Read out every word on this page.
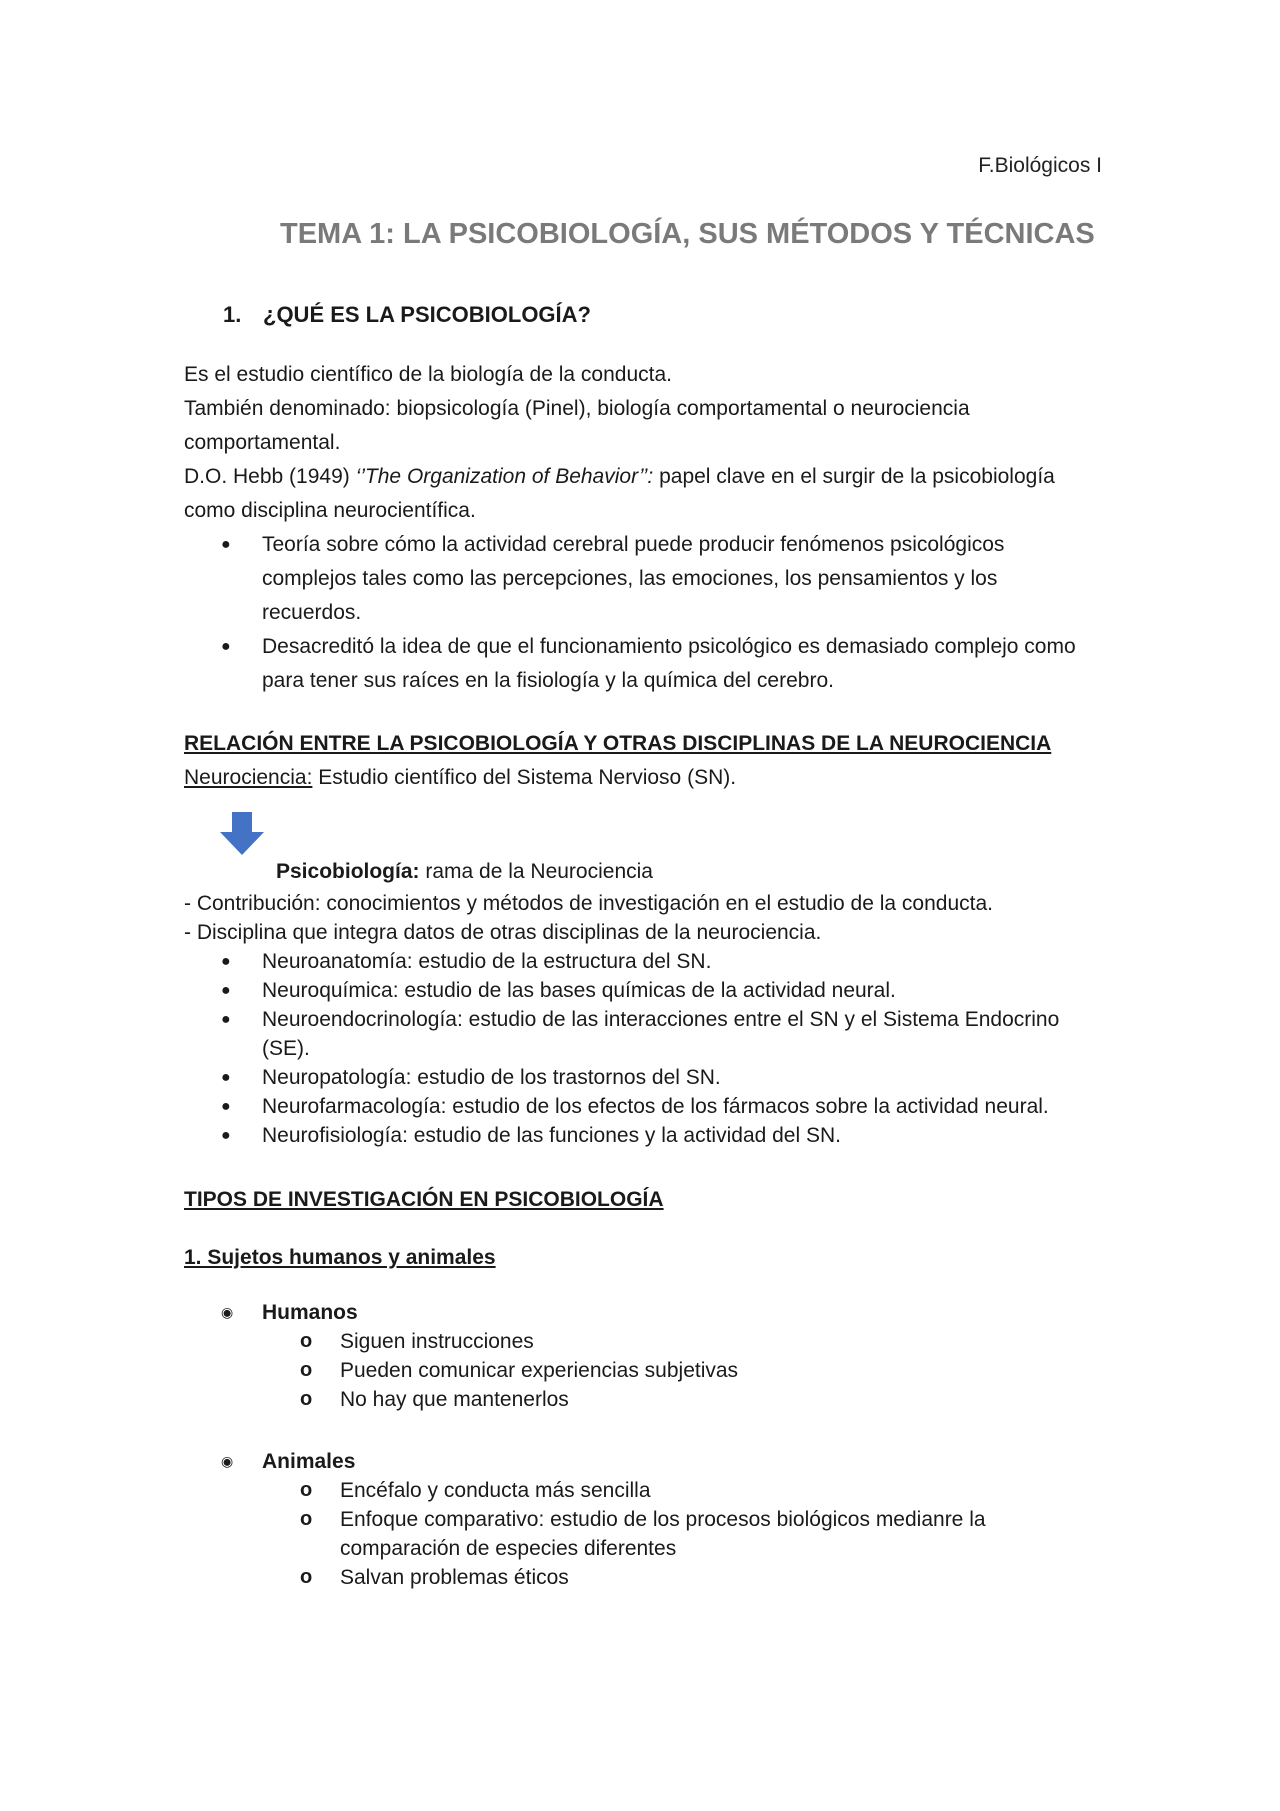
F.Biológicos I
TEMA 1: LA PSICOBIOLOGÍA, SUS MÉTODOS Y TÉCNICAS
1. ¿QUÉ ES LA PSICOBIOLOGÍA?

Es el estudio científico de la biología de la conducta.

También denominado: biopsicología (Pinel), biología comportamental o neurociencia comportamental.

D.O. Hebb (1949) ‘’The Organization of Behavior’’: papel clave en el surgir de la psicobiología como disciplina neurocientífica.

● Teoría sobre cómo la actividad cerebral puede producir fenómenos psicológicos complejos tales como las percepciones, las emociones, los pensamientos y los recuerdos.

● Desacreditó la idea de que el funcionamiento psicológico es demasiado complejo como para tener sus raíces en la fisiología y la química del cerebro.

RELACIÓN ENTRE LA PSICOBIOLOGÍA Y OTRAS DISCIPLINAS DE LA NEUROCIENCIA

Neurociencia: Estudio científico del Sistema Nervioso (SN).

Psicobiología: rama de la Neurociencia

- Contribución: conocimientos y métodos de investigación en el estudio de la conducta.

- Disciplina que integra datos de otras disciplinas de la neurociencia.

● Neuroanatomía: estudio de la estructura del SN.

● Neuroquímica: estudio de las bases químicas de la actividad neural.

● Neuroendocrinología: estudio de las interacciones entre el SN y el Sistema Endocrino (SE).

● Neuropatología: estudio de los trastornos del SN.

● Neurofarmacología: estudio de los efectos de los fármacos sobre la actividad neural.

● Neurofisiología: estudio de las funciones y la actividad del SN.

TIPOS DE INVESTIGACIÓN EN PSICOBIOLOGÍA

1. Sujetos humanos y animales

◉ Humanos

o Siguen instrucciones

o Pueden comunicar experiencias subjetivas

o No hay que mantenerlos

◉ Animales

o Encéfalo y conducta más sencilla

o Enfoque comparativo: estudio de los procesos biológicos medianre la comparación de especies diferentes

o Salvan problemas éticos
